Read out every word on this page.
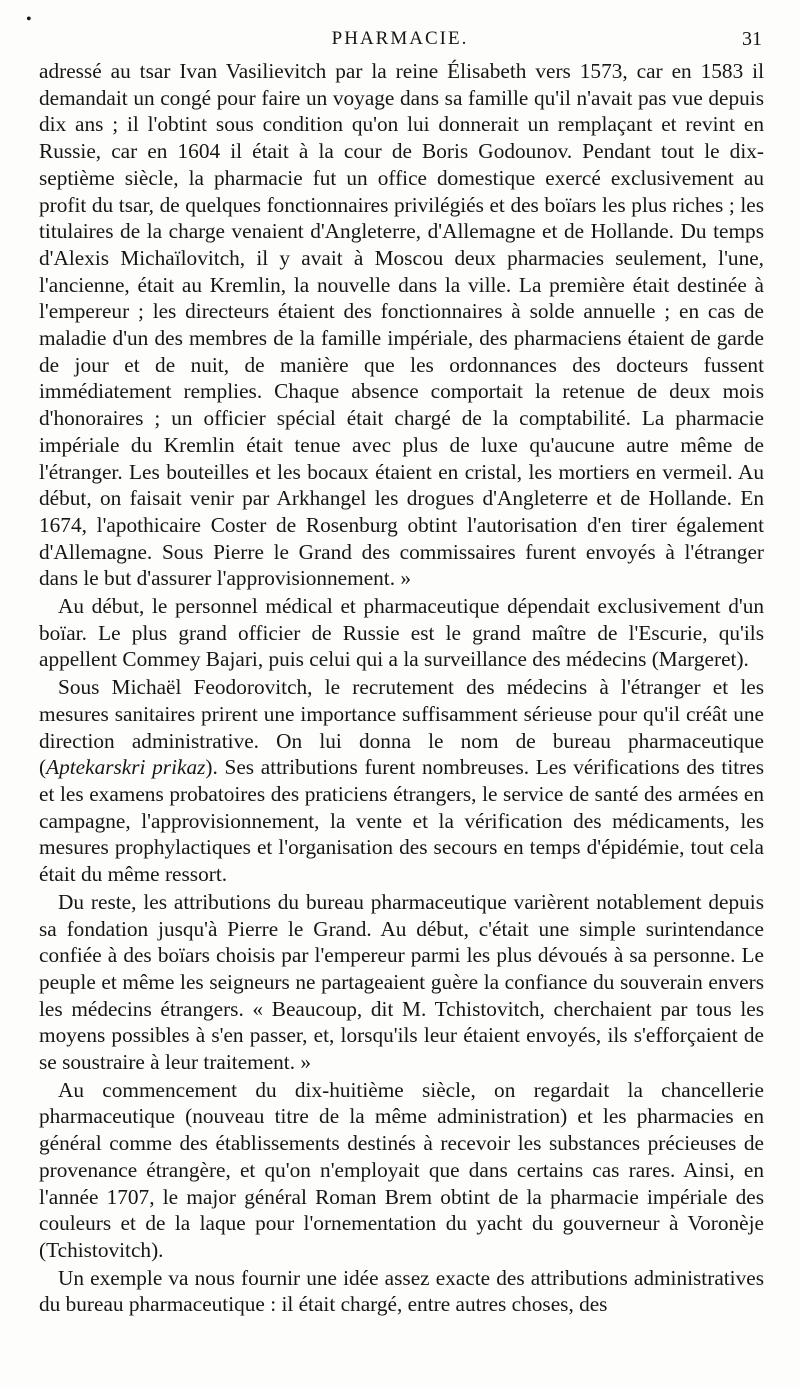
•
PHARMACIE.	31

adressé au tsar Ivan Vasilievitch par la reine Élisabeth vers 1573, car en 1583 il demandait un congé pour faire un voyage dans sa famille qu'il n'avait pas vue depuis dix ans ; il l'obtint sous condition qu'on lui donnerait un remplaçant et revint en Russie, car en 1604 il était à la cour de Boris Godounov. Pendant tout le dix-septième siècle, la pharmacie fut un office domestique exercé exclusivement au profit du tsar, de quelques fonctionnaires privilégiés et des boïars les plus riches ; les titulaires de la charge venaient d'Angleterre, d'Allemagne et de Hollande. Du temps d'Alexis Michaïlovitch, il y avait à Moscou deux pharmacies seulement, l'une, l'ancienne, était au Kremlin, la nouvelle dans la ville. La première était destinée à l'empereur ; les directeurs étaient des fonctionnaires à solde annuelle ; en cas de maladie d'un des membres de la famille impériale, des pharmaciens étaient de garde de jour et de nuit, de manière que les ordonnances des docteurs fussent immédiatement remplies. Chaque absence comportait la retenue de deux mois d'honoraires ; un officier spécial était chargé de la comptabilité. La pharmacie impériale du Kremlin était tenue avec plus de luxe qu'aucune autre même de l'étranger. Les bouteilles et les bocaux étaient en cristal, les mortiers en vermeil. Au début, on faisait venir par Arkhangel les drogues d'Angleterre et de Hollande. En 1674, l'apothicaire Coster de Rosenburg obtint l'autorisation d'en tirer également d'Allemagne. Sous Pierre le Grand des commissaires furent envoyés à l'étranger dans le but d'assurer l'approvisionnement. »

Au début, le personnel médical et pharmaceutique dépendait exclusivement d'un boïar. Le plus grand officier de Russie est le grand maître de l'Escurie, qu'ils appellent Commey Bajari, puis celui qui a la surveillance des médecins (Margeret).

Sous Michaël Feodorovitch, le recrutement des médecins à l'étranger et les mesures sanitaires prirent une importance suffisamment sérieuse pour qu'il créât une direction administrative. On lui donna le nom de bureau pharmaceutique (Aptekarskri prikaz). Ses attributions furent nombreuses. Les vérifications des titres et les examens probatoires des praticiens étrangers, le service de santé des armées en campagne, l'approvisionnement, la vente et la vérification des médicaments, les mesures prophylactiques et l'organisation des secours en temps d'épidémie, tout cela était du même ressort.

Du reste, les attributions du bureau pharmaceutique varièrent notablement depuis sa fondation jusqu'à Pierre le Grand. Au début, c'était une simple surintendance confiée à des boïars choisis par l'empereur parmi les plus dévoués à sa personne. Le peuple et même les seigneurs ne partageaient guère la confiance du souverain envers les médecins étrangers. « Beaucoup, dit M. Tchistovitch, cherchaient par tous les moyens possibles à s'en passer, et, lorsqu'ils leur étaient envoyés, ils s'efforçaient de se soustraire à leur traitement. »

Au commencement du dix-huitième siècle, on regardait la chancellerie pharmaceutique (nouveau titre de la même administration) et les pharmacies en général comme des établissements destinés à recevoir les substances précieuses de provenance étrangère, et qu'on n'employait que dans certains cas rares. Ainsi, en l'année 1707, le major général Roman Brem obtint de la pharmacie impériale des couleurs et de la laque pour l'ornementation du yacht du gouverneur à Voronèje (Tchistovitch).

Un exemple va nous fournir une idée assez exacte des attributions administratives du bureau pharmaceutique : il était chargé, entre autres choses, des
